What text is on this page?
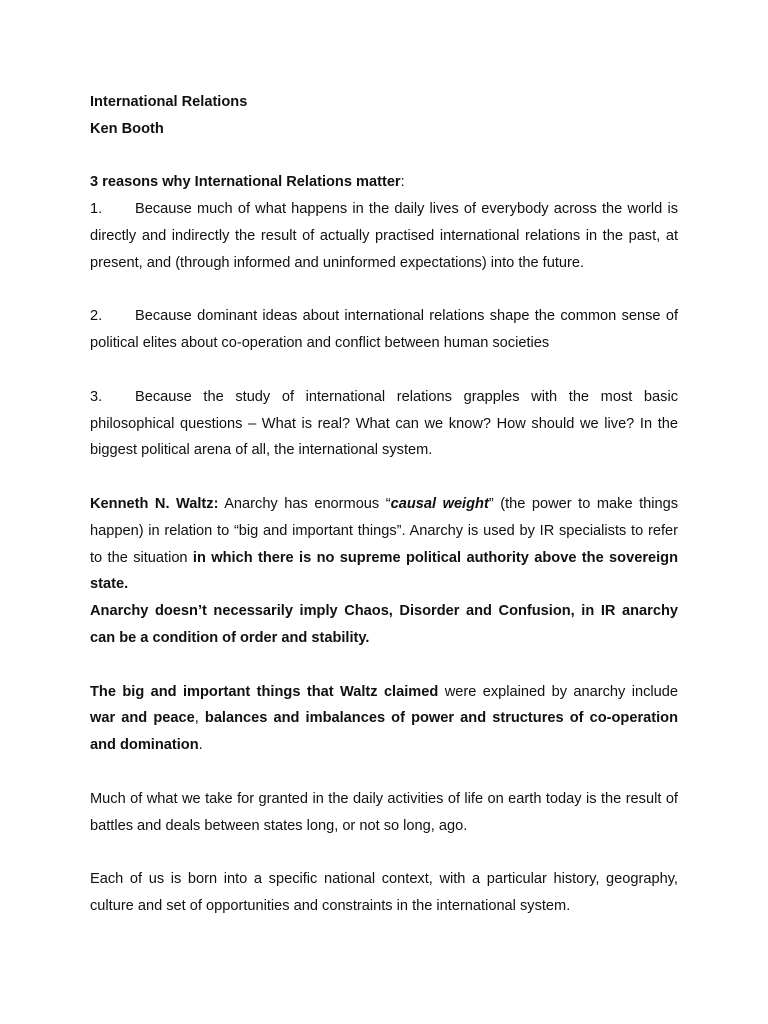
International Relations
Ken Booth
3 reasons why International Relations matter:

1. Because much of what happens in the daily lives of everybody across the world is directly and indirectly the result of actually practised international relations in the past, at present, and (through informed and uninformed expectations) into the future.

2. Because dominant ideas about international relations shape the common sense of political elites about co-operation and conflict between human societies

3. Because the study of international relations grapples with the most basic philosophical questions – What is real? What can we know? How should we live? In the biggest political arena of all, the international system.

Kenneth N. Waltz: Anarchy has enormous “causal weight” (the power to make things happen) in relation to “big and important things”. Anarchy is used by IR specialists to refer to the situation in which there is no supreme political authority above the sovereign state.

Anarchy doesn’t necessarily imply Chaos, Disorder and Confusion, in IR anarchy can be a condition of order and stability.

The big and important things that Waltz claimed were explained by anarchy include war and peace, balances and imbalances of power and structures of co-operation and domination.

Much of what we take for granted in the daily activities of life on earth today is the result of battles and deals between states long, or not so long, ago.

Each of us is born into a specific national context, with a particular history, geography, culture and set of opportunities and constraints in the international system.
